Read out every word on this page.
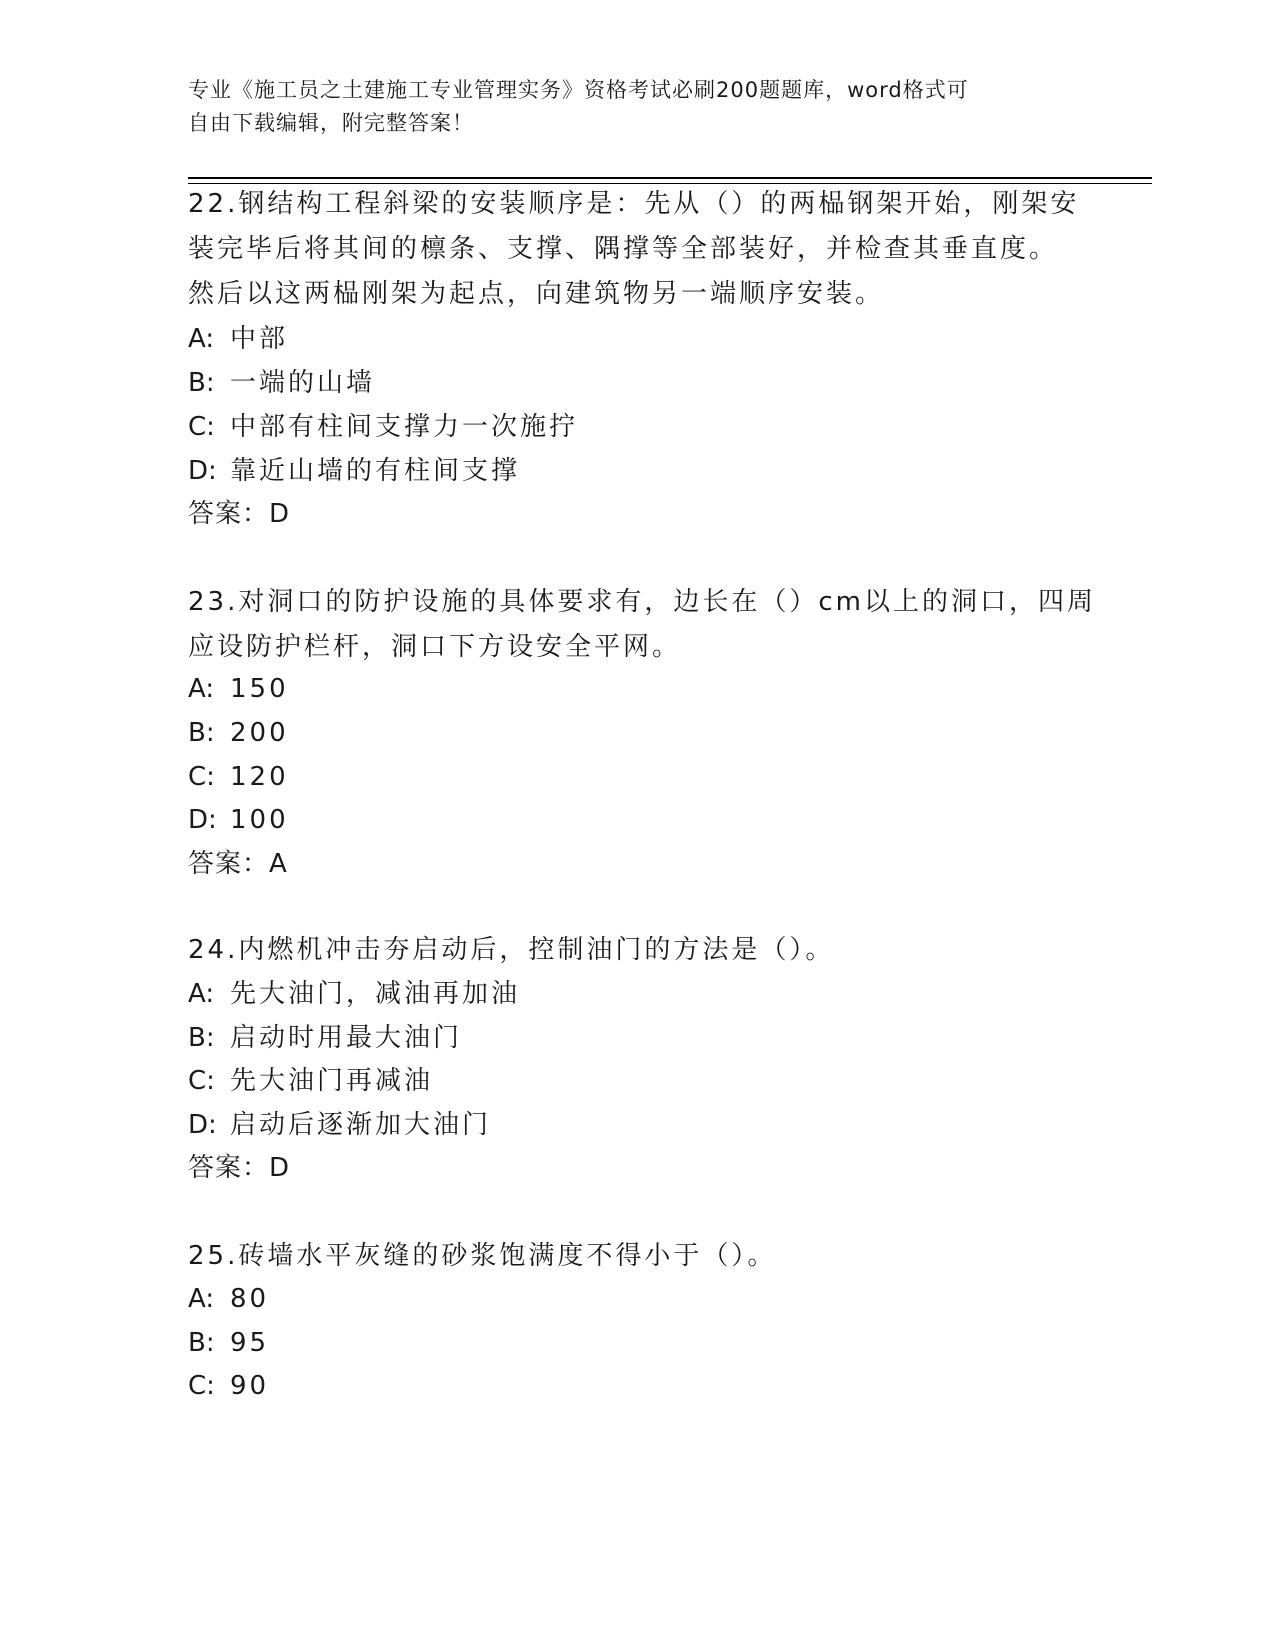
专业《施工员之土建施工专业管理实务》资格考试必刷200题题库，word格式可
自由下载编辑，附完整答案！
22.钢结构工程斜梁的安装顺序是：先从（）的两榀钢架开始，刚架安
装完毕后将其间的檩条、支撑、隅撑等全部装好，并检查其垂直度。
然后以这两榀刚架为起点，向建筑物另一端顺序安装。
A: 中部
B: 一端的山墙
C: 中部有柱间支撑力一次施拧
D: 靠近山墙的有柱间支撑
答案：D
23.对洞口的防护设施的具体要求有，边长在（）cm以上的洞口，四周
应设防护栏杆，洞口下方设安全平网。
A: 150
B: 200
C: 120
D: 100
答案：A
24.内燃机冲击夯启动后，控制油门的方法是（）。
A: 先大油门，减油再加油
B: 启动时用最大油门
C: 先大油门再减油
D: 启动后逐渐加大油门
答案：D
25.砖墙水平灰缝的砂浆饱满度不得小于（）。
A: 80
B: 95
C: 90
